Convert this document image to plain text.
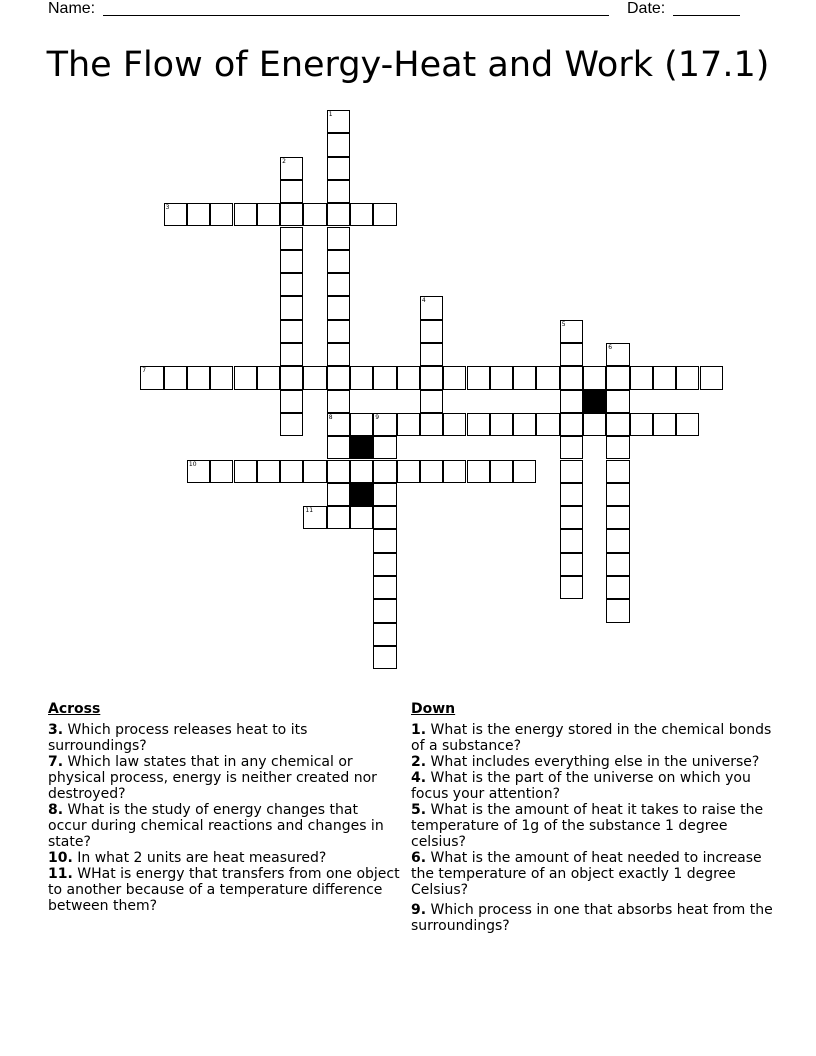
Name:	Date:
The Flow of Energy-Heat and Work (17.1)
1
8
2
3
4
5
6
7
9
10
11
Across
3. Which process releases heat to its surroundings?
7. Which law states that in any chemical or physical process, energy is neither created nor destroyed?
8. What is the study of energy changes that occur during chemical reactions and changes in state?
10. In what 2 units are heat measured?
11. WHat is energy that transfers from one object to another because of a temperature difference between them?
Down
1. What is the energy stored in the chemical bonds of a substance?
2. What includes everything else in the universe?
4. What is the part of the universe on which you focus your attention?
5. What is the amount of heat it takes to raise the temperature of 1g of the substance 1 degree celsius?
6. What is the amount of heat needed to increase the temperature of an object exactly 1 degree Celsius?
9. Which process in one that absorbs heat from the surroundings?
